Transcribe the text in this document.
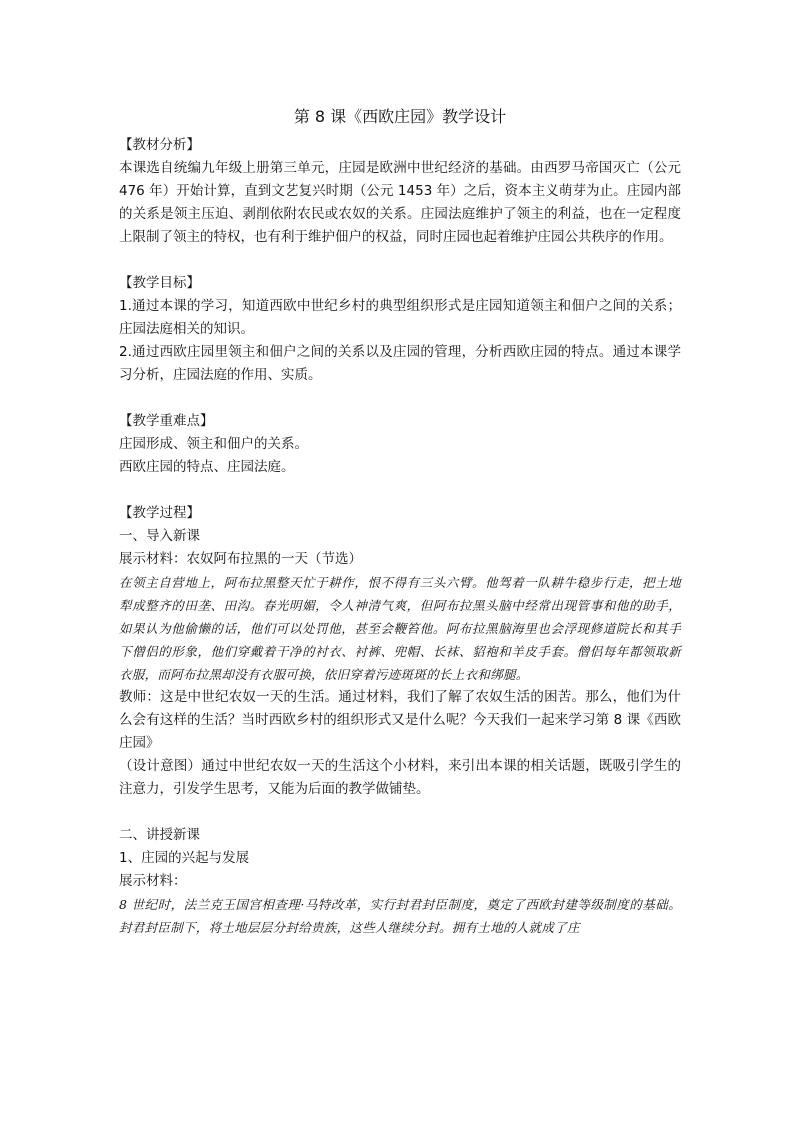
第 8 课《西欧庄园》教学设计

【教材分析】

本课选自统编九年级上册第三单元，庄园是欧洲中世纪经济的基础。由西罗马帝国灭亡（公元 476 年）开始计算，直到文艺复兴时期（公元 1453 年）之后，资本主义萌芽为止。庄园内部的关系是领主压迫、剥削依附农民或农奴的关系。庄园法庭维护了领主的利益，也在一定程度上限制了领主的特权，也有利于维护佃户的权益，同时庄园也起着维护庄园公共秩序的作用。

【教学目标】

1.通过本课的学习，知道西欧中世纪乡村的典型组织形式是庄园知道领主和佃户之间的关系；庄园法庭相关的知识。

2.通过西欧庄园里领主和佃户之间的关系以及庄园的管理，分析西欧庄园的特点。通过本课学习分析，庄园法庭的作用、实质。

【教学重难点】

庄园形成、领主和佃户的关系。

西欧庄园的特点、庄园法庭。

【教学过程】

一、导入新课

展示材料：农奴阿布拉黑的一天（节选）

在领主自营地上，阿布拉黑整天忙于耕作，恨不得有三头六臂。他驾着一队耕牛稳步行走，把土地犁成整齐的田垄、田沟。春光明媚，令人神清气爽，但阿布拉黑头脑中经常出现管事和他的助手，如果认为他偷懒的话，他们可以处罚他，甚至会鞭笞他。阿布拉黑脑海里也会浮现修道院长和其手下僧侣的形象，他们穿戴着干净的衬衣、衬裤、兜帽、长袜、貂袍和羊皮手套。僧侣每年都领取新衣服，而阿布拉黑却没有衣服可换，依旧穿着污迹斑斑的长上衣和绑腿。

教师：这是中世纪农奴一天的生活。通过材料，我们了解了农奴生活的困苦。那么，他们为什么会有这样的生活？当时西欧乡村的组织形式又是什么呢？今天我们一起来学习第 8 课《西欧庄园》

（设计意图）通过中世纪农奴一天的生活这个小材料，来引出本课的相关话题，既吸引学生的注意力，引发学生思考，又能为后面的教学做铺垫。

二、讲授新课

1、庄园的兴起与发展

展示材料：

8 世纪时，法兰克王国宫相查理·马特改革，实行封君封臣制度，奠定了西欧封建等级制度的基础。封君封臣制下，将土地层层分封给贵族，这些人继续分封。拥有土地的人就成了庄
